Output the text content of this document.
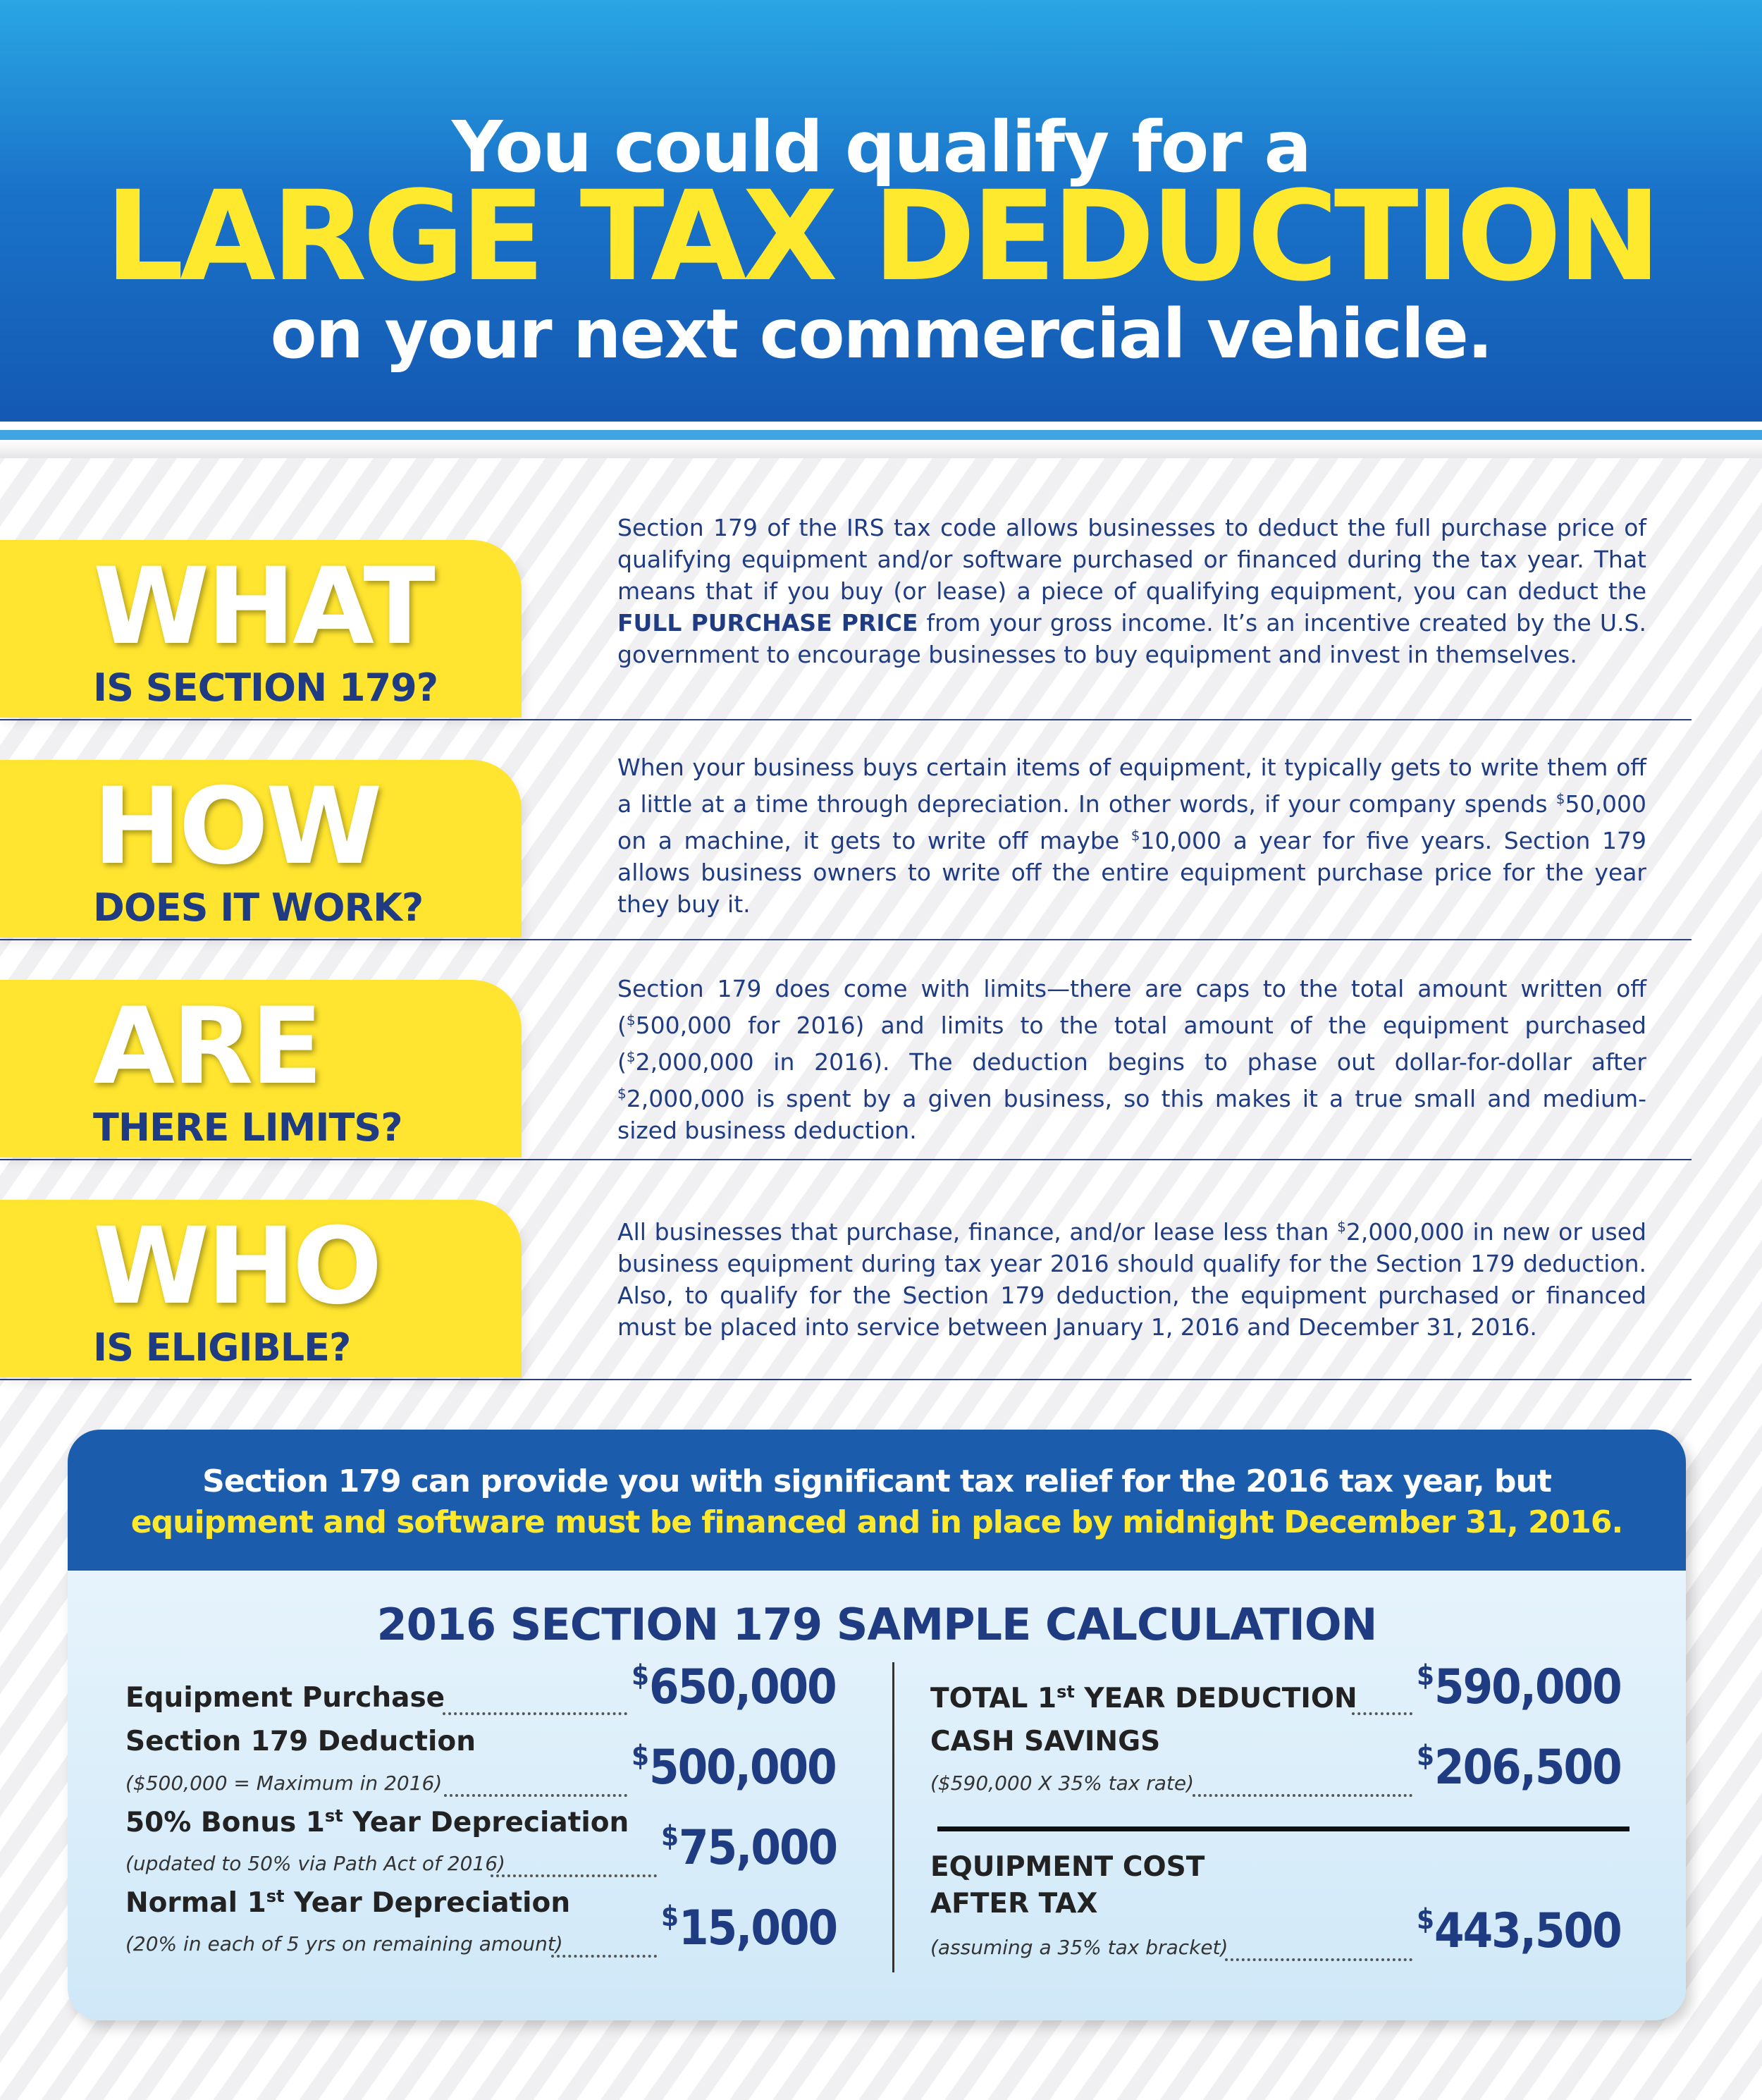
You could qualify for a
LARGE TAX DEDUCTION
on your next commercial vehicle.
WHAT
IS SECTION 179?
Section 179 of the IRS tax code allows businesses to deduct the full purchase price of qualifying equipment and/or software purchased or financed during the tax year. That means that if you buy (or lease) a piece of qualifying equipment, you can deduct the FULL PURCHASE PRICE from your gross income. It’s an incentive created by the U.S. government to encourage businesses to buy equipment and invest in themselves.
HOW
DOES IT WORK?
When your business buys certain items of equipment, it typically gets to write them off a little at a time through depreciation. In other words, if your company spends $50,000 on a machine, it gets to write off maybe $10,000 a year for five years. Section 179 allows business owners to write off the entire equipment purchase price for the year they buy it.
ARE
THERE LIMITS?
Section 179 does come with limits—there are caps to the total amount written off ($500,000 for 2016) and limits to the total amount of the equipment purchased ($2,000,000 in 2016). The deduction begins to phase out dollar-for-dollar after $2,000,000 is spent by a given business, so this makes it a true small and medium-sized business deduction.
WHO
IS ELIGIBLE?
All businesses that purchase, finance, and/or lease less than $2,000,000 in new or used business equipment during tax year 2016 should qualify for the Section 179 deduction. Also, to qualify for the Section 179 deduction, the equipment purchased or financed must be placed into service between January 1, 2016 and December 31, 2016.
Section 179 can provide you with significant tax relief for the 2016 tax year, but
equipment and software must be financed and in place by midnight December 31, 2016.
2016 SECTION 179 SAMPLE CALCULATION
Equipment Purchase
$650,000
Section 179 Deduction
($500,000 = Maximum in 2016)
$500,000
50% Bonus 1st Year Depreciation
(updated to 50% via Path Act of 2016)
$75,000
Normal 1st Year Depreciation
(20% in each of 5 yrs on remaining amount)
$15,000
TOTAL 1st YEAR DEDUCTION
$590,000
CASH SAVINGS
($590,000 X 35% tax rate)
$206,500
EQUIPMENT COST
AFTER TAX
(assuming a 35% tax bracket)
$443,500
